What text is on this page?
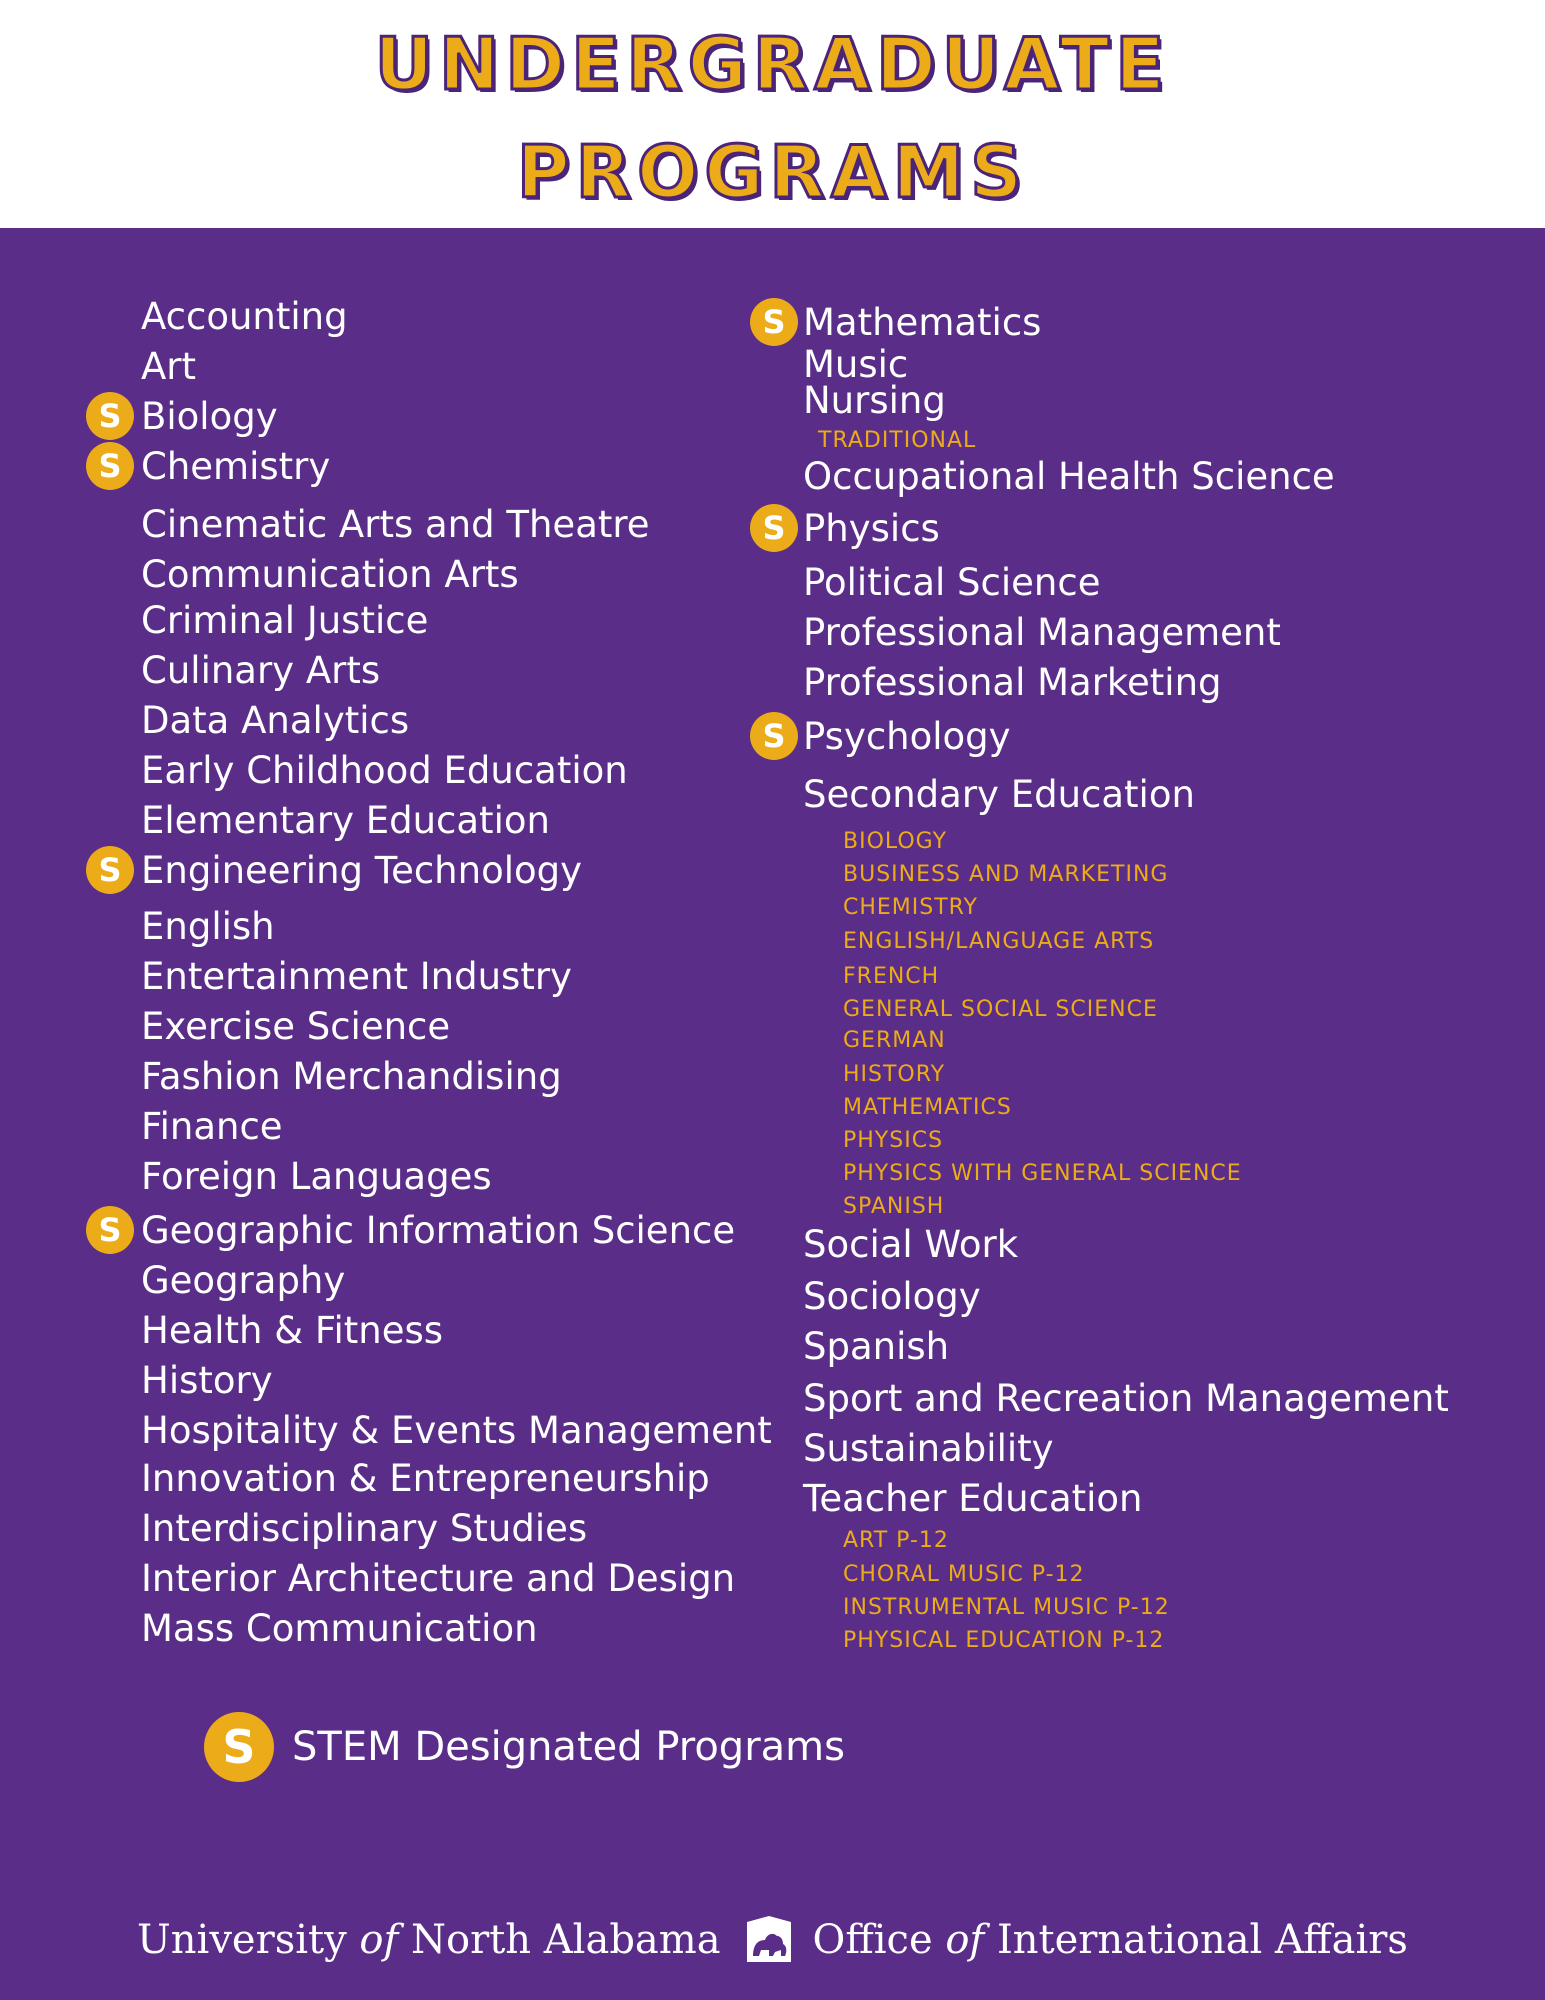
UNDERGRADUATE
PROGRAMS
Accounting
Art
Biology
S
Chemistry
S
Cinematic Arts and Theatre
Communication Arts
Criminal Justice
Culinary Arts
Data Analytics
Early Childhood Education
Elementary Education
Engineering Technology
S
English
Entertainment Industry
Exercise Science
Fashion Merchandising
Finance
Foreign Languages
Geographic Information Science
S
Geography
Health & Fitness
History
Hospitality & Events Management
Innovation & Entrepreneurship
Interdisciplinary Studies
Interior Architecture and Design
Mass Communication
Mathematics
S
Music
Nursing
TRADITIONAL
Occupational Health Science
Physics
S
Political Science
Professional Management
Professional Marketing
Psychology
S
Secondary Education
BIOLOGY
BUSINESS AND MARKETING
CHEMISTRY
ENGLISH/LANGUAGE ARTS
FRENCH
GENERAL SOCIAL SCIENCE
GERMAN
HISTORY
MATHEMATICS
PHYSICS
PHYSICS WITH GENERAL SCIENCE
SPANISH
Social Work
Sociology
Spanish
Sport and Recreation Management
Sustainability
Teacher Education
ART P-12
CHORAL MUSIC P-12
INSTRUMENTAL MUSIC P-12
PHYSICAL EDUCATION P-12
S STEM Designated Programs
University of North Alabama Office of International Affairs
